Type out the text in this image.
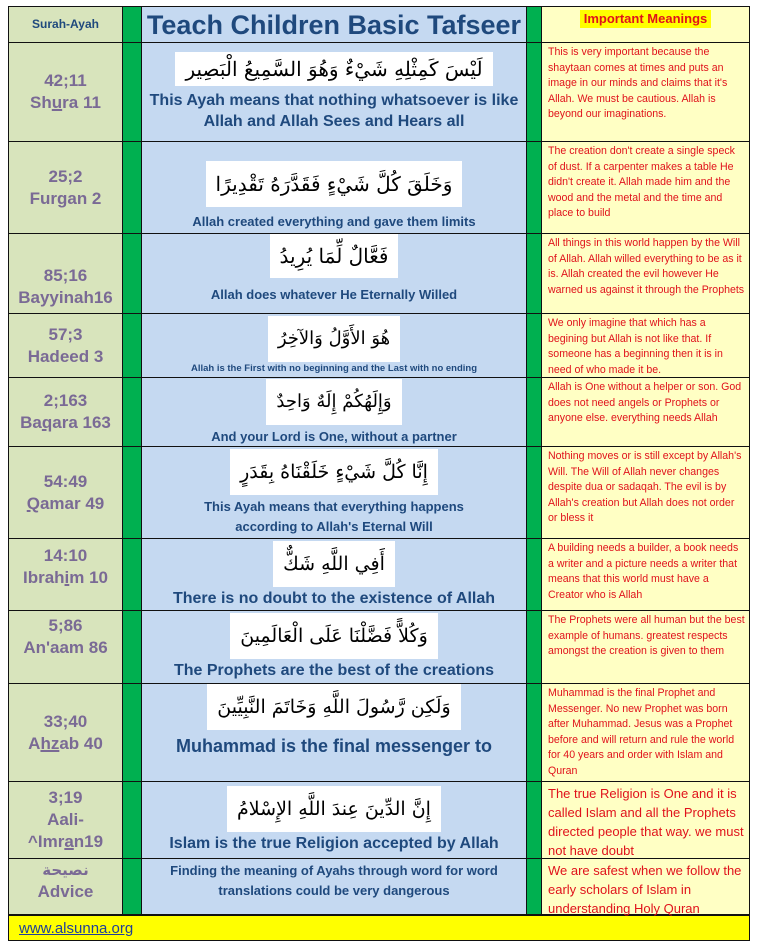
Surah-Ayah	Teach Children Basic Tafseer	Important Meanings
42;11
Shura 11
لَيْسَ كَمِثْلِهِ شَيْءٌ وَهُوَ السَّمِيعُ الْبَصِير
This Ayah means that nothing whatsoever is like Allah and Allah Sees and Hears all
This is very important because the shaytaan comes at times and puts an image in our minds and claims that it's Allah. We must be cautious. Allah is beyond our imaginations.
25;2
Furgan 2
وَخَلَقَ كُلَّ شَيْءٍ فَقَدَّرَهُ تَقْدِيرًا
Allah created everything and gave them limits
The creation don't create a single speck of dust. If a carpenter makes a table He didn't create it. Allah made him and the wood and the metal and the time and place to build
85;16
Bayyinah16
فَعَّالٌ لِّمَا يُرِيدُ
Allah does whatever He Eternally Willed
All things in this world happen by the Will of Allah. Allah willed everything to be as it is. Allah created the evil however He warned us against it through the Prophets
57;3
Hadeed 3
هُوَ الأَوَّلُ وَالآخِرُ
Allah is the First with no beginning and the Last with no ending
We only imagine that which has a begining but Allah is not like that. If someone has a beginning then it is in need of who made it be.
2;163
Baqara 163
وَإِلَهُكُمْ إِلَهٌ وَاحِدٌ
And your Lord is One, without a partner
Allah is One without a helper or son. God does not need angels or Prophets or anyone else. everything needs Allah
54:49
Qamar 49
إِنَّا كُلَّ شَيْءٍ خَلَقْنَاهُ بِقَدَرٍ
This Ayah means that everything happens according to Allah's Eternal Will
Nothing moves or is still except by Allah's Will. The Will of Allah never changes despite dua or sadaqah. The evil is by Allah's creation but Allah does not order or bless it
14:10
Ibrahim 10
أَفِي اللَّهِ شَكٌّ
There is no doubt to the existence of Allah
A building needs a builder, a book needs a writer and a picture needs a writer that means that this world must have a Creator who is Allah
5;86
An'aam 86
وَكُلاًّ فَضَّلْنَا عَلَى الْعَالَمِينَ
The Prophets are the best of the creations
The Prophets were all human but the best example of humans. greatest respects amongst the creation is given to them
33;40
Ahzab 40
وَلَكِن رَّسُولَ اللَّهِ وَخَاتَمَ النَّبِيِّينَ
Muhammad is the final messenger to
Muhammad is the final Prophet and Messenger. No new Prophet was born after Muhammad. Jesus was a Prophet before and will return and rule the world for 40 years and order with Islam and Quran
3;19
Aali-
^Imran19
إِنَّ الدِّينَ عِندَ اللَّهِ الإِسْلامُ
Islam is the true Religion accepted by Allah
The true Religion is One and it is called Islam and all the Prophets directed people that way. we must not have doubt
نصيحة
Advice
Finding the meaning of Ayahs through word for word translations could be very dangerous
We are safest when we follow the early scholars of Islam in understanding Holy Quran
www.alsunna.org
